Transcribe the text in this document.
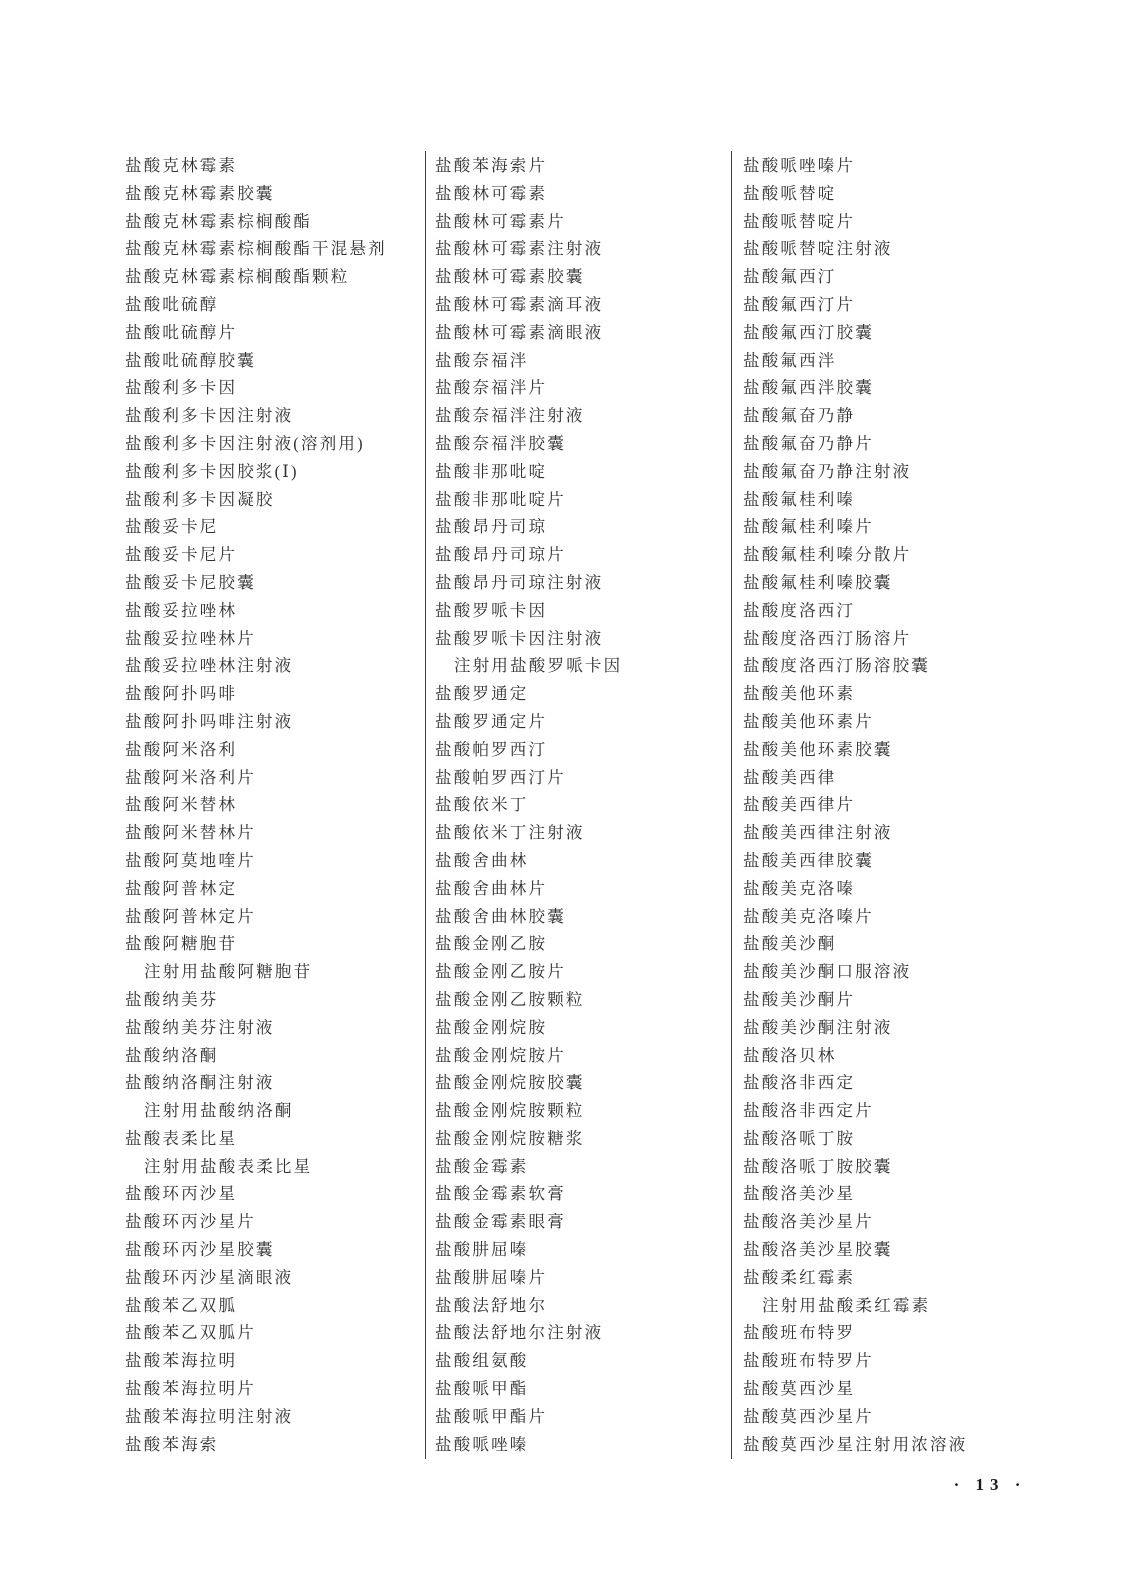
盐酸克林霉素
盐酸克林霉素胶囊
盐酸克林霉素棕榈酸酯
盐酸克林霉素棕榈酸酯干混悬剂
盐酸克林霉素棕榈酸酯颗粒
盐酸吡硫醇
盐酸吡硫醇片
盐酸吡硫醇胶囊
盐酸利多卡因
盐酸利多卡因注射液
盐酸利多卡因注射液(溶剂用)
盐酸利多卡因胶浆(Ⅰ)
盐酸利多卡因凝胶
盐酸妥卡尼
盐酸妥卡尼片
盐酸妥卡尼胶囊
盐酸妥拉唑林
盐酸妥拉唑林片
盐酸妥拉唑林注射液
盐酸阿扑吗啡
盐酸阿扑吗啡注射液
盐酸阿米洛利
盐酸阿米洛利片
盐酸阿米替林
盐酸阿米替林片
盐酸阿莫地喹片
盐酸阿普林定
盐酸阿普林定片
盐酸阿糖胞苷
注射用盐酸阿糖胞苷
盐酸纳美芬
盐酸纳美芬注射液
盐酸纳洛酮
盐酸纳洛酮注射液
注射用盐酸纳洛酮
盐酸表柔比星
注射用盐酸表柔比星
盐酸环丙沙星
盐酸环丙沙星片
盐酸环丙沙星胶囊
盐酸环丙沙星滴眼液
盐酸苯乙双胍
盐酸苯乙双胍片
盐酸苯海拉明
盐酸苯海拉明片
盐酸苯海拉明注射液
盐酸苯海索
盐酸苯海索片
盐酸林可霉素
盐酸林可霉素片
盐酸林可霉素注射液
盐酸林可霉素胶囊
盐酸林可霉素滴耳液
盐酸林可霉素滴眼液
盐酸奈福泮
盐酸奈福泮片
盐酸奈福泮注射液
盐酸奈福泮胶囊
盐酸非那吡啶
盐酸非那吡啶片
盐酸昂丹司琼
盐酸昂丹司琼片
盐酸昂丹司琼注射液
盐酸罗哌卡因
盐酸罗哌卡因注射液
注射用盐酸罗哌卡因
盐酸罗通定
盐酸罗通定片
盐酸帕罗西汀
盐酸帕罗西汀片
盐酸依米丁
盐酸依米丁注射液
盐酸舍曲林
盐酸舍曲林片
盐酸舍曲林胶囊
盐酸金刚乙胺
盐酸金刚乙胺片
盐酸金刚乙胺颗粒
盐酸金刚烷胺
盐酸金刚烷胺片
盐酸金刚烷胺胶囊
盐酸金刚烷胺颗粒
盐酸金刚烷胺糖浆
盐酸金霉素
盐酸金霉素软膏
盐酸金霉素眼膏
盐酸肼屈嗪
盐酸肼屈嗪片
盐酸法舒地尔
盐酸法舒地尔注射液
盐酸组氨酸
盐酸哌甲酯
盐酸哌甲酯片
盐酸哌唑嗪
盐酸哌唑嗪片
盐酸哌替啶
盐酸哌替啶片
盐酸哌替啶注射液
盐酸氟西汀
盐酸氟西汀片
盐酸氟西汀胶囊
盐酸氟西泮
盐酸氟西泮胶囊
盐酸氟奋乃静
盐酸氟奋乃静片
盐酸氟奋乃静注射液
盐酸氟桂利嗪
盐酸氟桂利嗪片
盐酸氟桂利嗪分散片
盐酸氟桂利嗪胶囊
盐酸度洛西汀
盐酸度洛西汀肠溶片
盐酸度洛西汀肠溶胶囊
盐酸美他环素
盐酸美他环素片
盐酸美他环素胶囊
盐酸美西律
盐酸美西律片
盐酸美西律注射液
盐酸美西律胶囊
盐酸美克洛嗪
盐酸美克洛嗪片
盐酸美沙酮
盐酸美沙酮口服溶液
盐酸美沙酮片
盐酸美沙酮注射液
盐酸洛贝林
盐酸洛非西定
盐酸洛非西定片
盐酸洛哌丁胺
盐酸洛哌丁胺胶囊
盐酸洛美沙星
盐酸洛美沙星片
盐酸洛美沙星胶囊
盐酸柔红霉素
注射用盐酸柔红霉素
盐酸班布特罗
盐酸班布特罗片
盐酸莫西沙星
盐酸莫西沙星片
盐酸莫西沙星注射用浓溶液
· 13 ·
